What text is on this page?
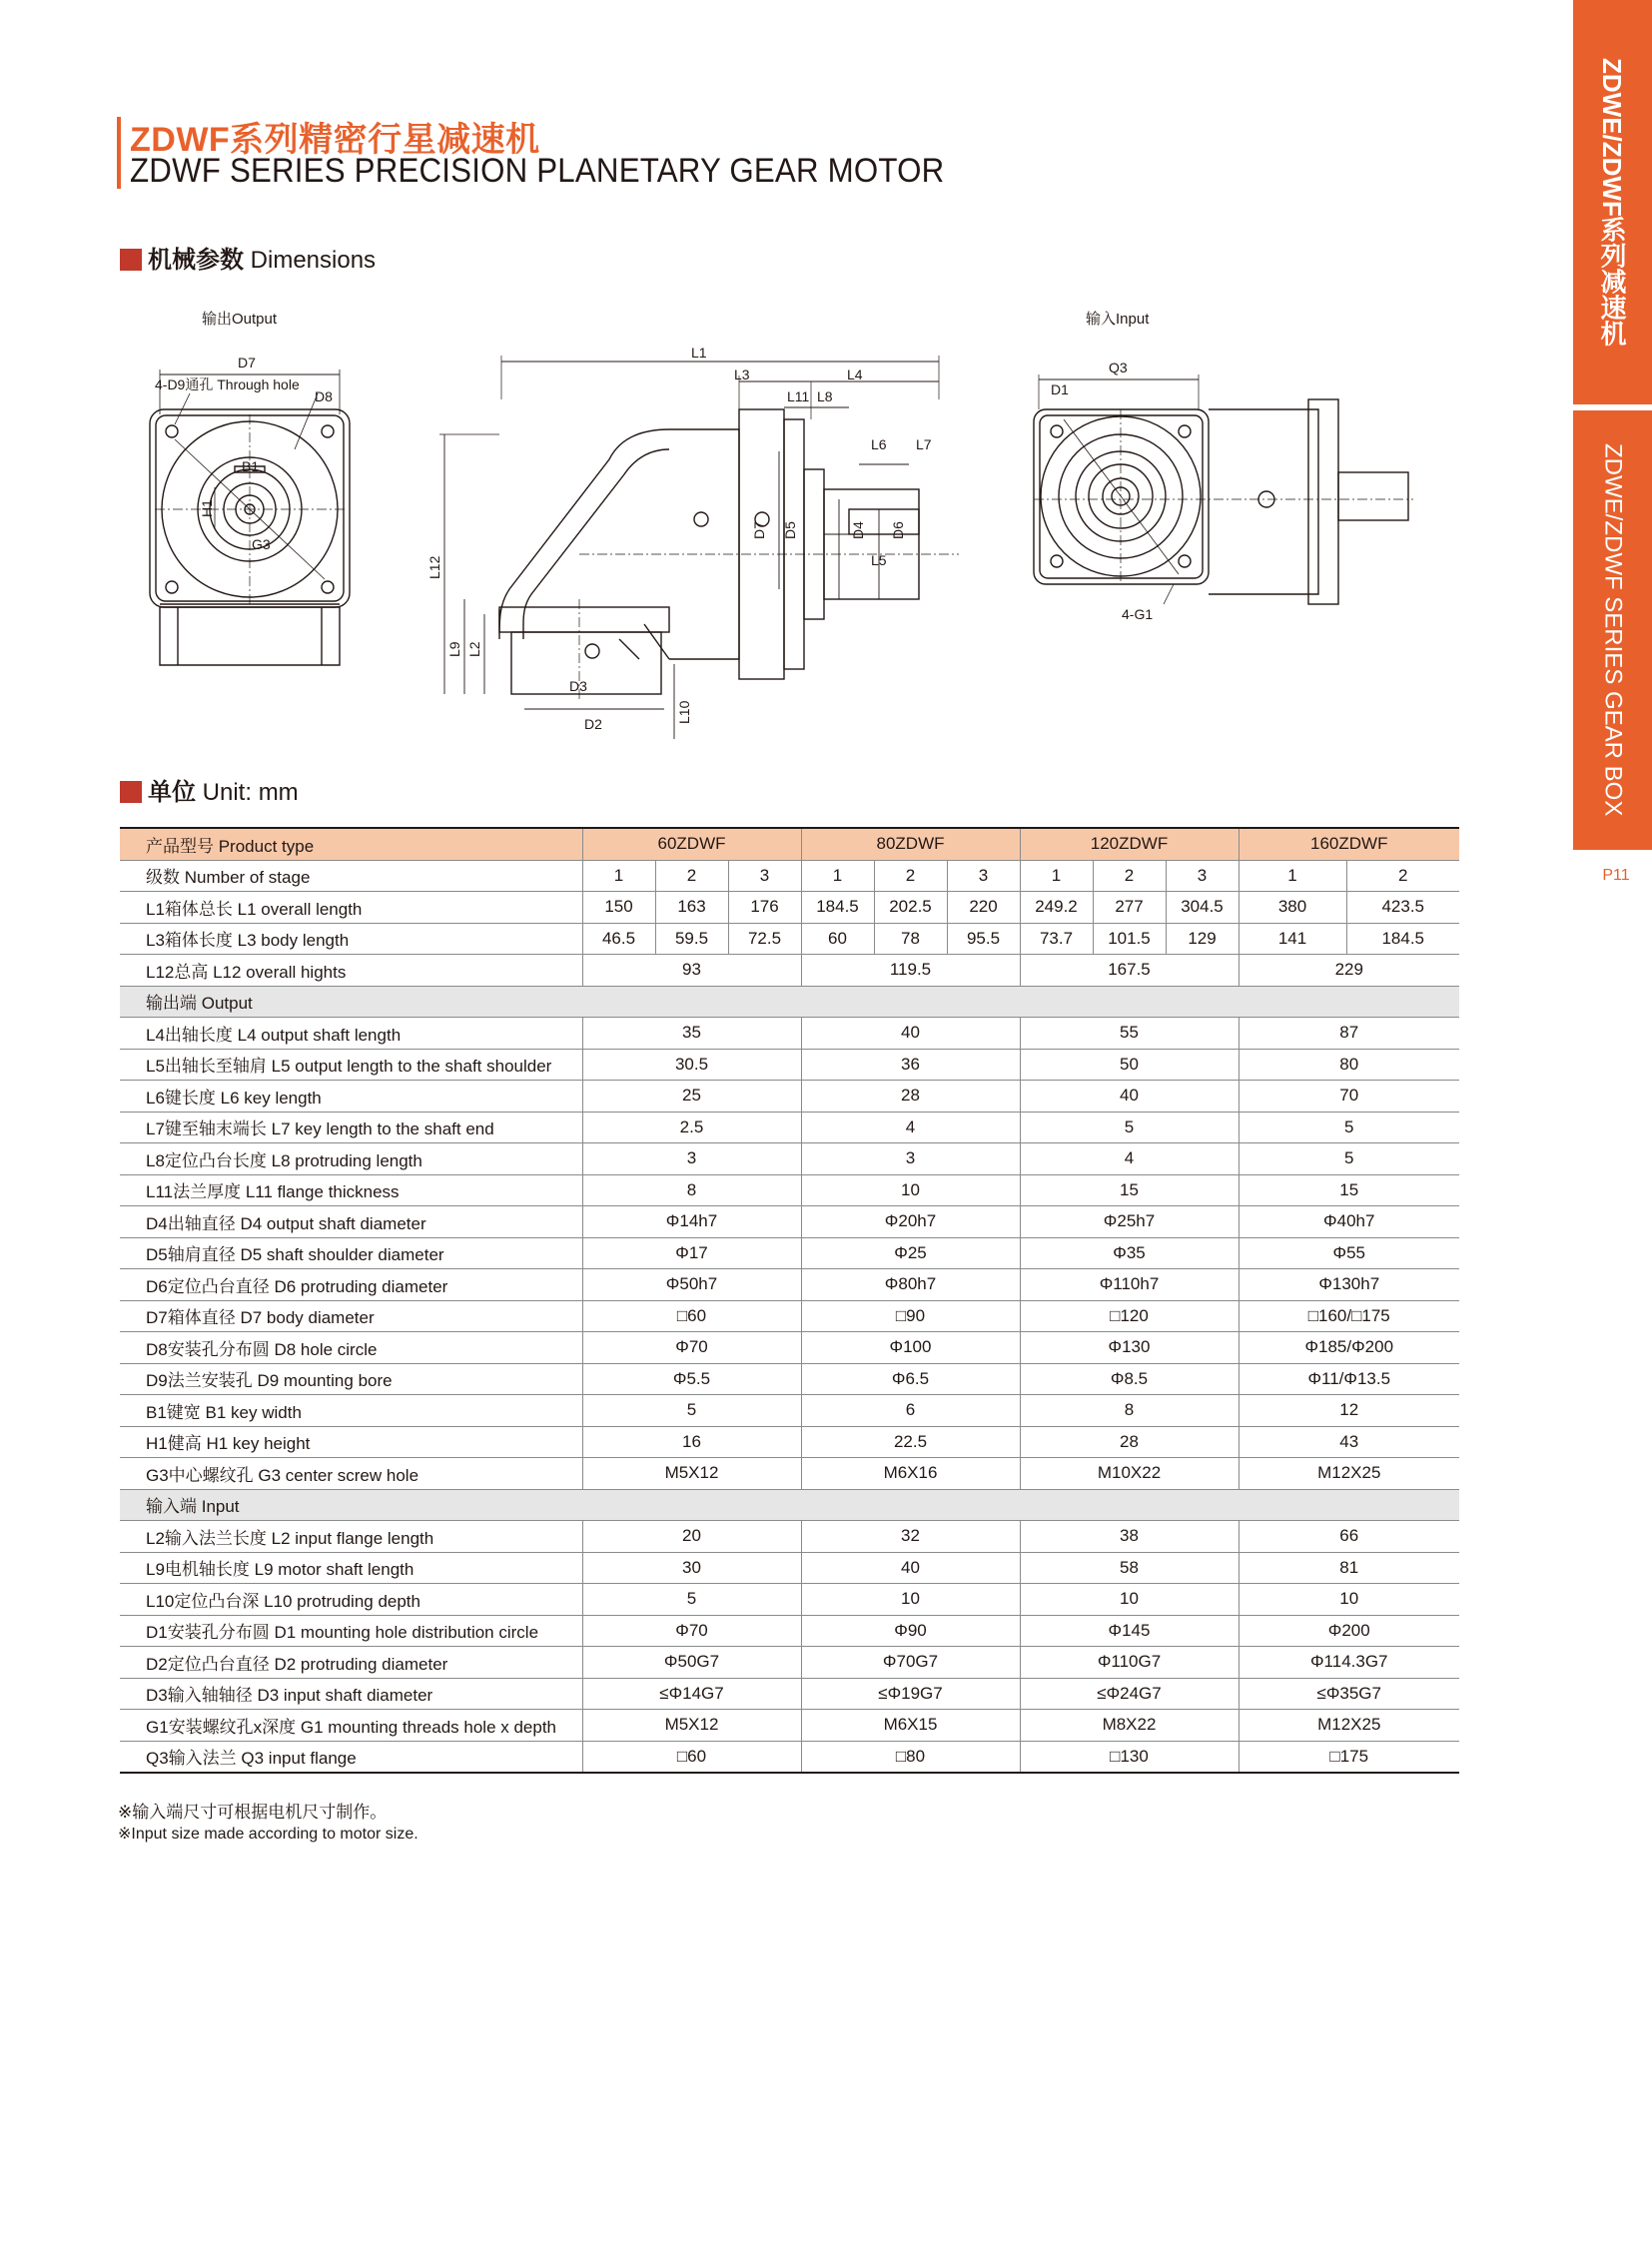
ZDWF系列精密行星减速机
ZDWF SERIES PRECISION PLANETARY GEAR MOTOR
机械参数 Dimensions	ZDWE/ZDWF系列减速机
ZDWE/ZDWF SERIES GEAR BOX
P11
输出Output	输入Input
D7
4-D9通孔 Through hole
D8
B1
H1
G3
L1
L3	L4
L11 L8
L6 L7
L5
D5	D4 D6
D7
L12
L9 L2
D3
D2	L10
Q3
D1
4-G1
单位 Unit: mm
产品型号 Product type	60ZDWF			80ZDWF			120ZDWF			160ZDWF	
级数 Number of stage	1	2	3	1	2	3	1	2	3	1	2
L1箱体总长 L1 overall length	150	163	176	184.5	202.5	220	249.2	277	304.5	380	423.5
L3箱体长度 L3 body length	46.5	59.5	72.5	60	78	95.5	73.7	101.5	129	141	184.5
L12总高 L12 overall hights	93			119.5			167.5			229	
输出端 Output											
L4出轴长度 L4 output shaft length	35			40			55			87	
L5出轴长至轴肩 L5 output length to the shaft shoulder	30.5			36			50			80	
L6键长度 L6 key length	25			28			40			70	
L7键至轴末端长 L7 key length to the shaft end	2.5			4			5			5	
L8定位凸台长度 L8 protruding length	3			3			4			5	
L11法兰厚度 L11 flange thickness	8			10			15			15	
D4出轴直径 D4 output shaft diameter	Φ14h7			Φ20h7			Φ25h7			Φ40h7	
D5轴肩直径 D5 shaft shoulder diameter	Φ17			Φ25			Φ35			Φ55	
D6定位凸台直径 D6 protruding diameter	Φ50h7			Φ80h7			Φ110h7			Φ130h7	
D7箱体直径 D7 body diameter	□60			□90			□120			□160/□175	
D8安装孔分布圆 D8 hole circle	Φ70			Φ100			Φ130			Φ185/Φ200	
D9法兰安装孔 D9 mounting bore	Φ5.5			Φ6.5			Φ8.5			Φ11/Φ13.5	
B1键宽 B1 key width	5			6			8			12	
H1健高 H1 key height	16			22.5			28			43	
G3中心螺纹孔 G3 center screw hole	M5X12			M6X16			M10X22			M12X25	
输入端 Input											
L2输入法兰长度 L2 input flange length	20			32			38			66	
L9电机轴长度 L9 motor shaft length	30			40			58			81	
L10定位凸台深 L10 protruding depth	5			10			10			10	
D1安装孔分布圆 D1 mounting hole distribution circle	Φ70			Φ90			Φ145			Φ200	
D2定位凸台直径 D2 protruding diameter	Φ50G7			Φ70G7			Φ110G7			Φ114.3G7	
D3输入轴轴径 D3 input shaft diameter	≤Φ14G7			≤Φ19G7			≤Φ24G7			≤Φ35G7	
G1安装螺纹孔x深度 G1 mounting threads hole x depth	M5X12			M6X15			M8X22			M12X25	
Q3输入法兰 Q3 input flange	□60			□80			□130			□175	
※输入端尺寸可根据电机尺寸制作。
※Input size made according to motor size.
